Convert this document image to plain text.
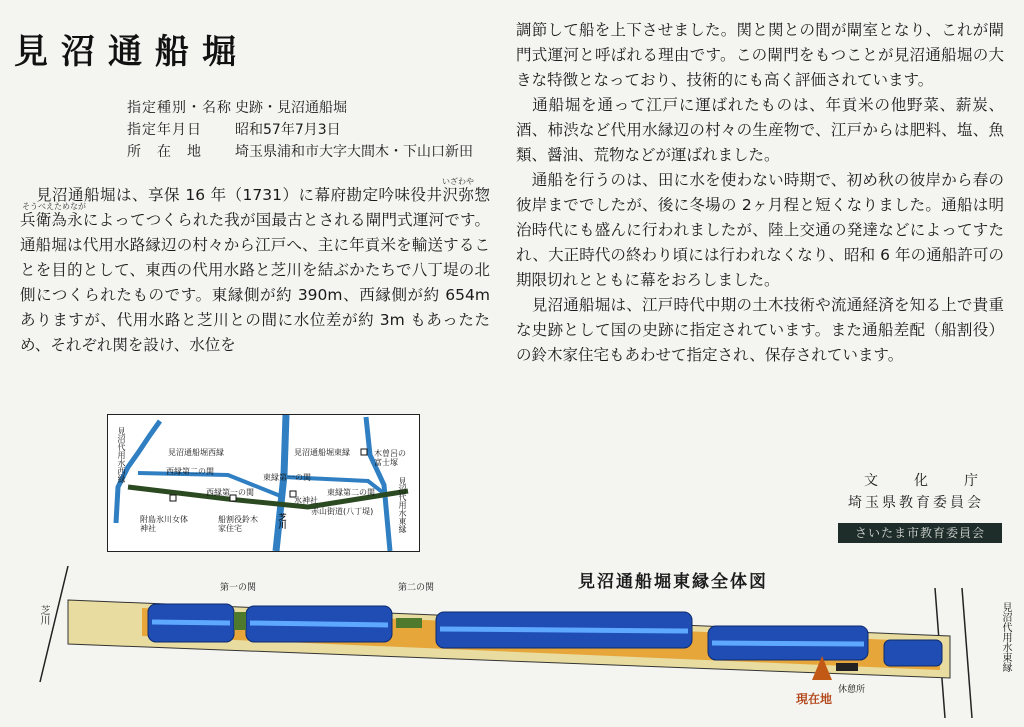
見沼通船堀
指定種別・名称 史跡・見沼通船堀
指定年月日 昭和57年7月3日
所　在　地 埼玉県浦和市大字大間木・下山口新田
いざわや
そうべえためなが
　見沼通船堀は、享保 16 年（1731）に幕府勘定吟味役井沢弥惣兵衛為永によってつくられた我が国最古とされる閘門式運河です。通船堀は代用水路縁辺の村々から江戸へ、主に年貢米を輸送することを目的として、東西の代用水路と芝川を結ぶかたちで八丁堤の北側につくられたものです。東縁側が約 390m、西縁側が約 654m ありますが、代用水路と芝川との間に水位差が約 3m もあったため、それぞれ関を設け、水位を
調節して船を上下させました。関と関との間が閘室となり、これが閘門式運河と呼ばれる理由です。この閘門をもつことが見沼通船堀の大きな特徴となっており、技術的にも高く評価されています。
　通船堀を通って江戸に運ばれたものは、年貢米の他野菜、薪炭、酒、柿渋など代用水縁辺の村々の生産物で、江戸からは肥料、塩、魚類、醤油、荒物などが運ばれました。
　通船を行うのは、田に水を使わない時期で、初め秋の彼岸から春の彼岸まででしたが、後に冬場の 2ヶ月程と短くなりました。通船は明治時代にも盛んに行われましたが、陸上交通の発達などによってすたれ、大正時代の終わり頃には行われなくなり、昭和 6 年の通船許可の期限切れとともに幕をおろしました。
　見沼通船堀は、江戸時代中期の土木技術や流通経済を知る上で貴重な史跡として国の史跡に指定されています。また通船差配（船割役）の鈴木家住宅もあわせて指定され、保存されています。
文化庁
埼玉県教育委員会
さいたま市教育委員会
見沼代用水西縁	見沼通船堀西縁	見沼通船堀東縁
西縁第二の関
西縁第一の関
東縁第一の関
東縁第二の関
水神社
木曽呂の富士塚
見沼代用水東縁
附島氷川女体神社
船割役鈴木家住宅
赤山街道(八丁堤)
芝川
見沼通船堀東縁全体図
第一の関	第二の関
芝川	見沼代用水東縁
休憩所
現在地
